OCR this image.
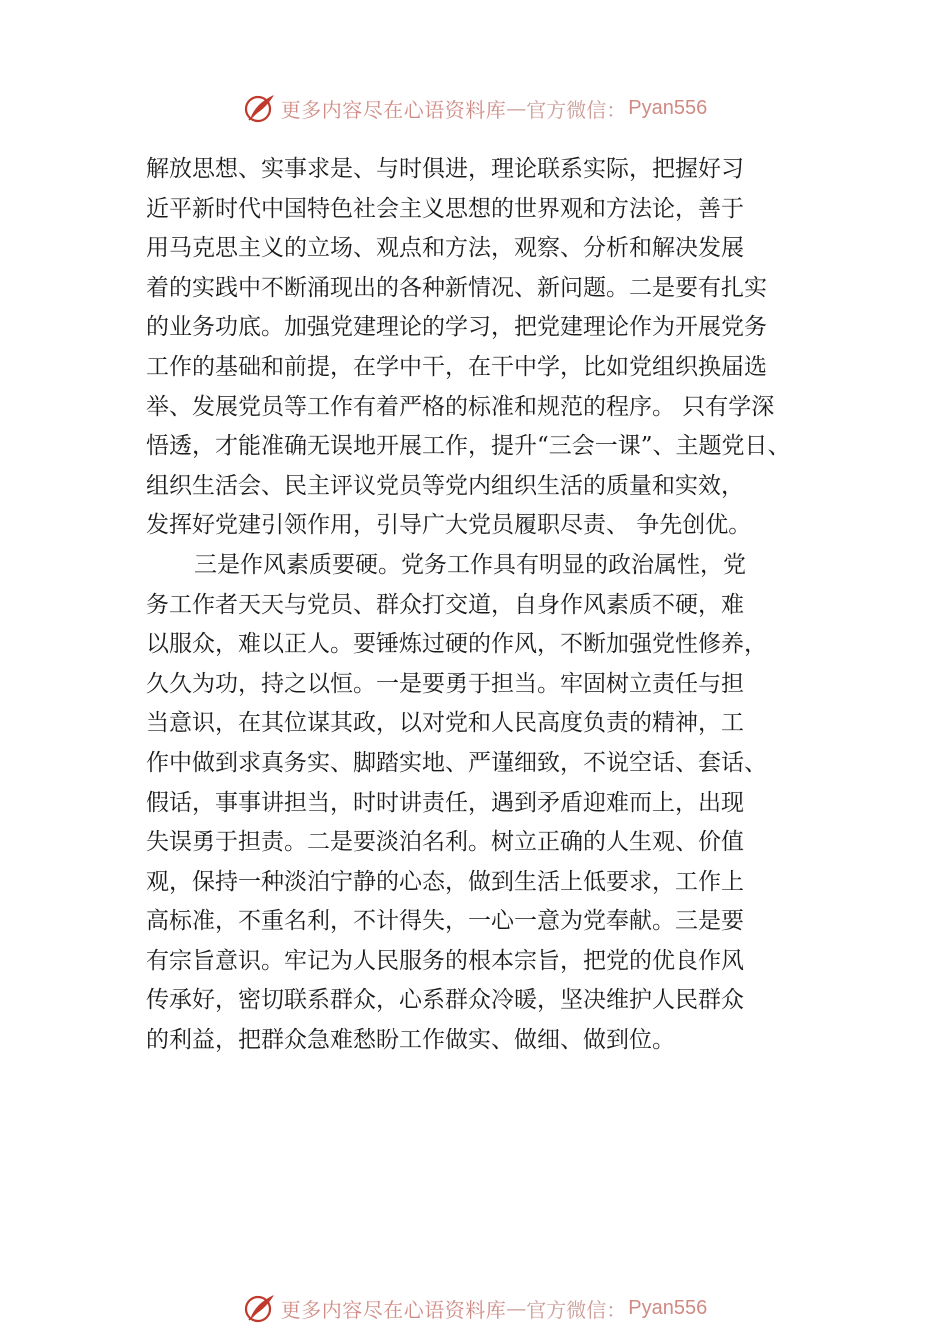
更多内容尽在心语资料库 — 官方微信： Pyan556
解放思想、实事求是、与时俱进，理论联系实际，把握好习
近平新时代中国特色社会主义思想的世界观和方法论，善于
用马克思主义的立场、观点和方法，观察、分析和解决发展
着的实践中不断涌现出的各种新情况、新问题。二是要有扎实
的业务功底。加强党建理论的学习，把党建理论作为开展党务
工作的基础和前提，在学中干，在干中学，比如党组织换届选
举、发展党员等工作有着严格的标准和规范的程序。 只有学深
悟透，才能准确无误地开展工作，提升“三会一课”、主题党日、
组织生活会、民主评议党员等党内组织生活的质量和实效，
发挥好党建引领作用，引导广大党员履职尽责、 争先创优。
三是作风素质要硬。党务工作具有明显的政治属性，党
务工作者天天与党员、群众打交道，自身作风素质不硬，难
以服众，难以正人。要锤炼过硬的作风，不断加强党性修养，
久久为功，持之以恒。一是要勇于担当。牢固树立责任与担
当意识，在其位谋其政，以对党和人民高度负责的精神，工
作中做到求真务实、脚踏实地、严谨细致，不说空话、套话、
假话，事事讲担当，时时讲责任，遇到矛盾迎难而上，出现
失误勇于担责。二是要淡泊名利。树立正确的人生观、价值
观，保持一种淡泊宁静的心态，做到生活上低要求，工作上
高标准，不重名利，不计得失，一心一意为党奉献。三是要
有宗旨意识。牢记为人民服务的根本宗旨，把党的优良作风
传承好，密切联系群众，心系群众冷暖，坚决维护人民群众
的利益，把群众急难愁盼工作做实、做细、做到位。
更多内容尽在心语资料库 — 官方微信： Pyan556
